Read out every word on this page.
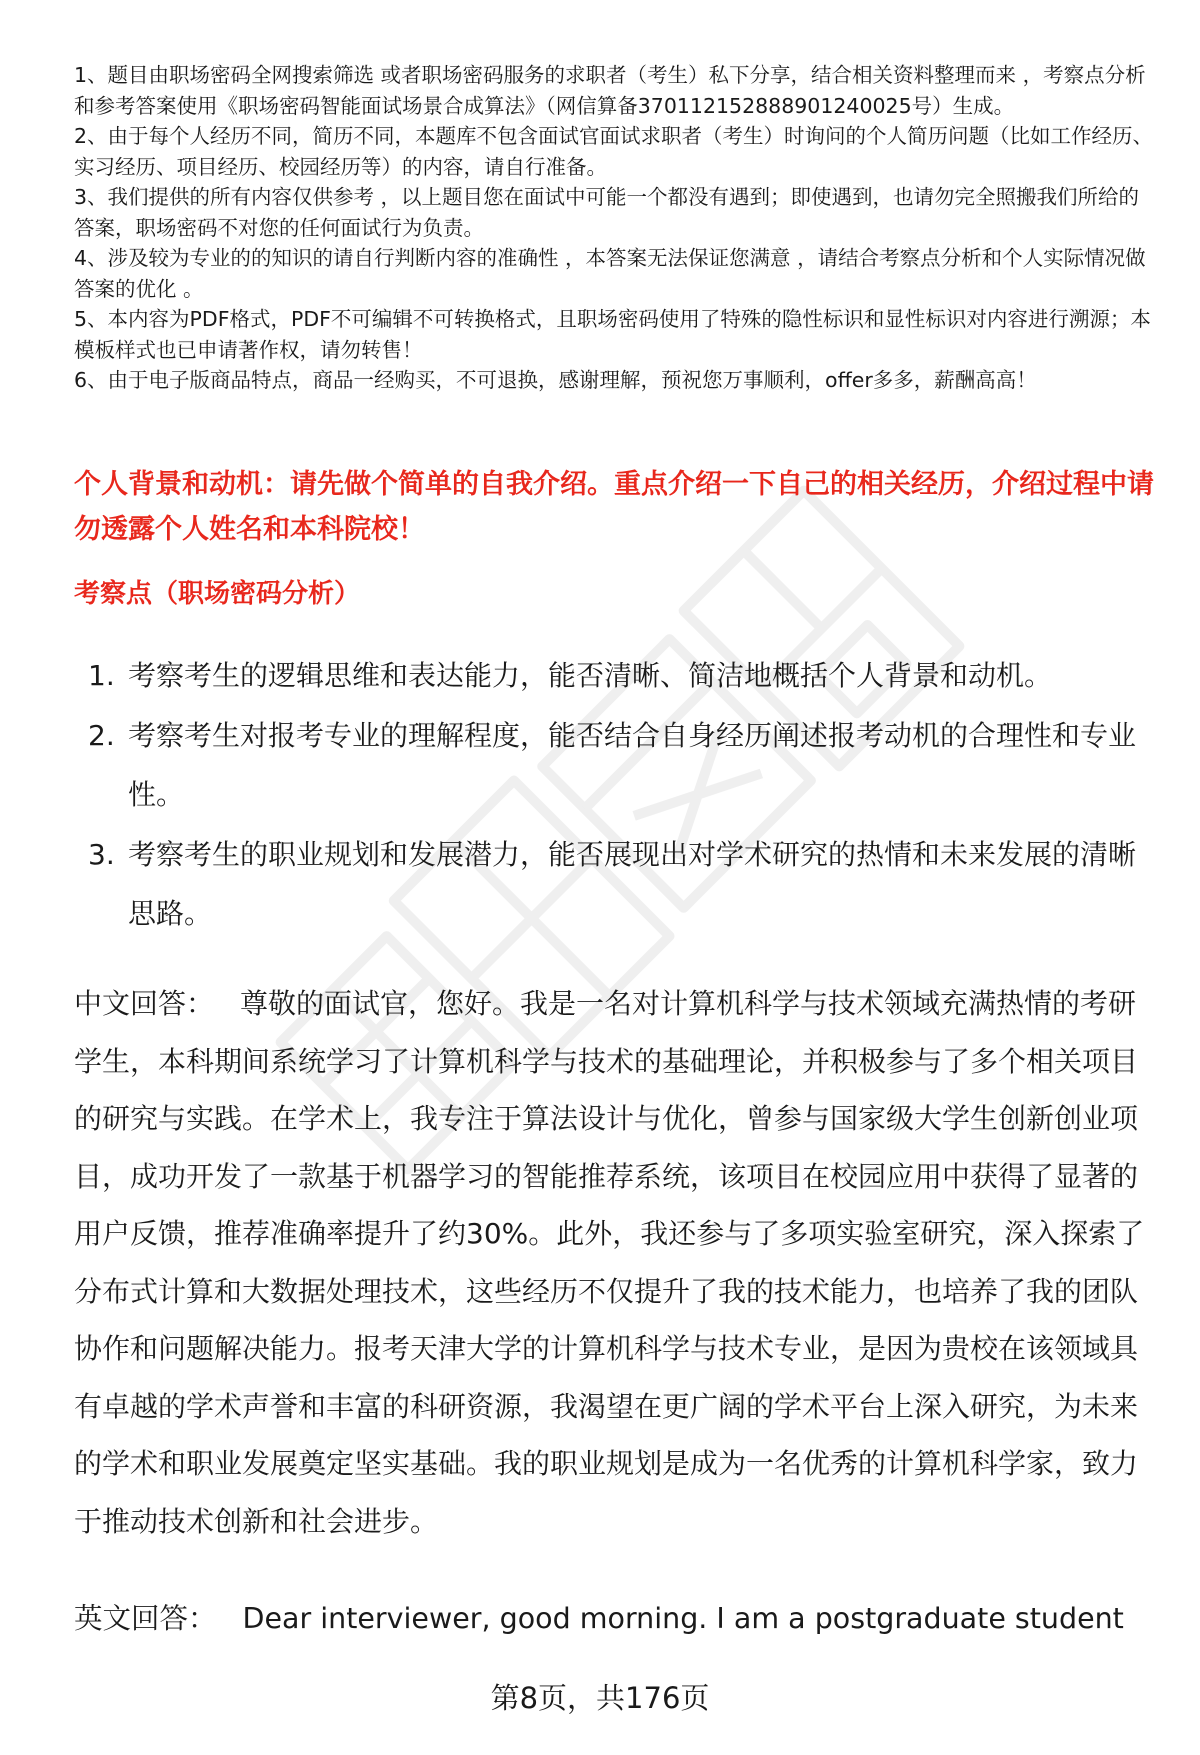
1、题目由职场密码全网搜索筛选 或者职场密码服务的求职者（考生）私下分享，结合相关资料整理而来 ，考察点分析和参考答案使用《职场密码智能面试场景合成算法》（网信算备370112152888901240025号）生成。

2、由于每个人经历不同，简历不同，本题库不包含面试官面试求职者（考生）时询问的个人简历问题（比如工作经历、实习经历、项目经历、校园经历等）的内容，请自行准备。

3、我们提供的所有内容仅供参考 ，以上题目您在面试中可能一个都没有遇到；即使遇到，也请勿完全照搬我们所给的答案，职场密码不对您的任何面试行为负责。

4、涉及较为专业的的知识的请自行判断内容的准确性 ，本答案无法保证您满意 ，请结合考察点分析和个人实际情况做答案的优化 。

5、本内容为PDF格式，PDF不可编辑不可转换格式，且职场密码使用了特殊的隐性标识和显性标识对内容进行溯源；本模板样式也已申请著作权，请勿转售！

6、由于电子版商品特点，商品一经购买，不可退换，感谢理解，预祝您万事顺利，offer多多，薪酬高高！

个人背景和动机：请先做个简单的自我介绍。重点介绍一下自己的相关经历，介绍过程中请勿透露个人姓名和本科院校！
考察点（职场密码分析）
1. 考察考生的逻辑思维和表达能力，能否清晰、简洁地概括个人背景和动机。
2. 考察考生对报考专业的理解程度，能否结合自身经历阐述报考动机的合理性和专业性。
3. 考察考生的职业规划和发展潜力，能否展现出对学术研究的热情和未来发展的清晰思路。

中文回答： 尊敬的面试官，您好。我是一名对计算机科学与技术领域充满热情的考研学生，本科期间系统学习了计算机科学与技术的基础理论，并积极参与了多个相关项目的研究与实践。在学术上，我专注于算法设计与优化，曾参与国家级大学生创新创业项目，成功开发了一款基于机器学习的智能推荐系统，该项目在校园应用中获得了显著的用户反馈，推荐准确率提升了约30%。此外，我还参与了多项实验室研究，深入探索了分布式计算和大数据处理技术，这些经历不仅提升了我的技术能力，也培养了我的团队协作和问题解决能力。报考天津大学的计算机科学与技术专业，是因为贵校在该领域具有卓越的学术声誉和丰富的科研资源，我渴望在更广阔的学术平台上深入研究，为未来的学术和职业发展奠定坚实基础。我的职业规划是成为一名优秀的计算机科学家，致力于推动技术创新和社会进步。

英文回答： Dear interviewer, good morning. I am a postgraduate student

第8页，共176页
